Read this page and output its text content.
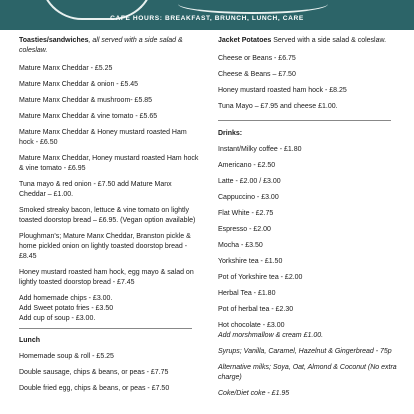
CAFE HOURS: BREAKFAST, BRUNCH, LUNCH, CARE

Toasties/sandwiches, all served with a side salad & coleslaw.

Mature Manx Cheddar - £5.25

Mature Manx Cheddar & onion - £5.45

Mature Manx Cheddar & mushroom- £5.85

Mature Manx Cheddar & vine tomato - £5.65

Mature Manx Cheddar & Honey mustard roasted Ham hock - £6.50

Mature Manx Cheddar, Honey mustard roasted Ham hock & vine tomato - £6.95

Tuna mayo & red onion - £7.50 add Mature Manx Cheddar – £1.00.

Smoked streaky bacon, lettuce & vine tomato on lightly toasted doorstop bread – £6.95. (Vegan option available)

Ploughman's; Mature Manx Cheddar, Branston pickle & home pickled onion on lightly toasted doorstop bread - £8.45

Honey mustard roasted ham hock, egg mayo & salad on lightly toasted doorstop bread - £7.45

Add homemade chips - £3.00.

Add Sweet potato fries - £3.50

Add cup of soup - £3.00.

Lunch

Homemade soup & roll - £5.25

Double sausage, chips & beans, or peas - £7.75

Double fried egg, chips & beans, or peas - £7.50

Jacket Potatoes Served with a side salad & coleslaw.

Cheese or Beans - £6.75

Cheese & Beans – £7.50

Honey mustard roasted ham hock - £8.25

Tuna Mayo – £7.95 and cheese £1.00.

Drinks:

Instant/Milky coffee - £1.80

Americano - £2.50

Latte - £2.00 / £3.00

Cappuccino - £3.00

Flat White - £2.75

Espresso - £2.00

Mocha - £3.50

Yorkshire tea - £1.50

Pot of Yorkshire tea - £2.00

Herbal Tea - £1.80

Pot of herbal tea - £2.30

Hot chocolate - £3.00

Add morshmallow & cream £1.00.

Syrups; Vanilla, Caramel, Hazelnut & Gingerbread - 75p

Alternative milks; Soya, Oat, Almond & Coconut (No extra charge)

Coke/Diet coke - £1.95
